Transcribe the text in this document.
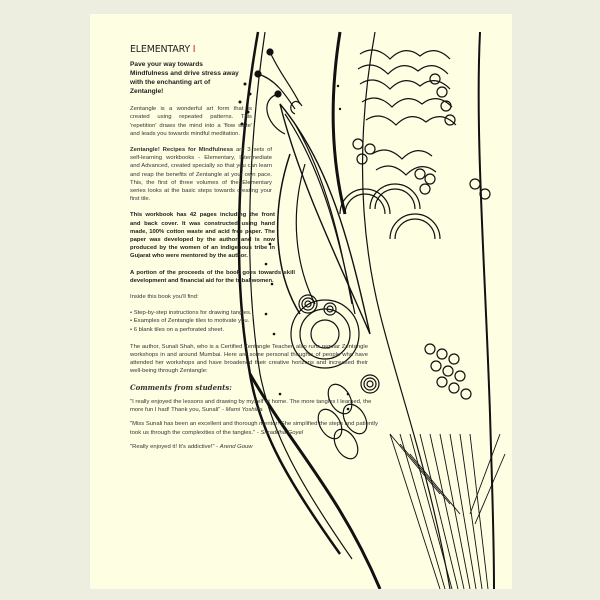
ELEMENTARY I
Pave your way towards Mindfulness and drive stress away with the enchanting art of Zentangle!

Zentangle is a wonderful art form that is created using repeated patterns. This 'repetition' draws the mind into a 'flow state' and leads you towards mindful meditation.

Zentangle! Recipes for Mindfulness are 3 sets of self-learning workbooks - Elementary, Intermediate and Advanced, created specially so that you can learn and reap the benefits of Zentangle at your own pace. This, the first of three volumes of the Elementary series looks at the basic steps towards creating your first tile.

This workbook has 42 pages including the front and back cover. It was constructed using hand made, 100% cotton waste and acid free paper. The paper was developed by the author and is now produced by the women of an indigenous tribe in Gujarat who were mentored by the author.

A portion of the proceeds of the book goes towards skill development and financial aid for the tribal women.

Inside this book you'll find:

• Step-by-step instructions for drawing tangles.
• Examples of Zentangle tiles to motivate you.
• 6 blank tiles on a perforated sheet.

The author, Sunali Shah, who is a Certified Zentangle Teacher, also runs regular Zentangle workshops in and around Mumbai. Here are some personal thoughts of people who have attended her workshops and have broadened their creative horizons and increased their well-being through Zentangle:

Comments from students:

"I really enjoyed the lessons and drawing by myself at home. The more tangles I learned, the more fun I had! Thank you, Sunali" - Mami Yoshida

"Miss Sunali has been an excellent and thorough mentor! She simplified the steps and patiently took us through the complexities of the tangles." - Shraddha Goyel

"Really enjoyed it! It's addictive!" - Arend Gouw
